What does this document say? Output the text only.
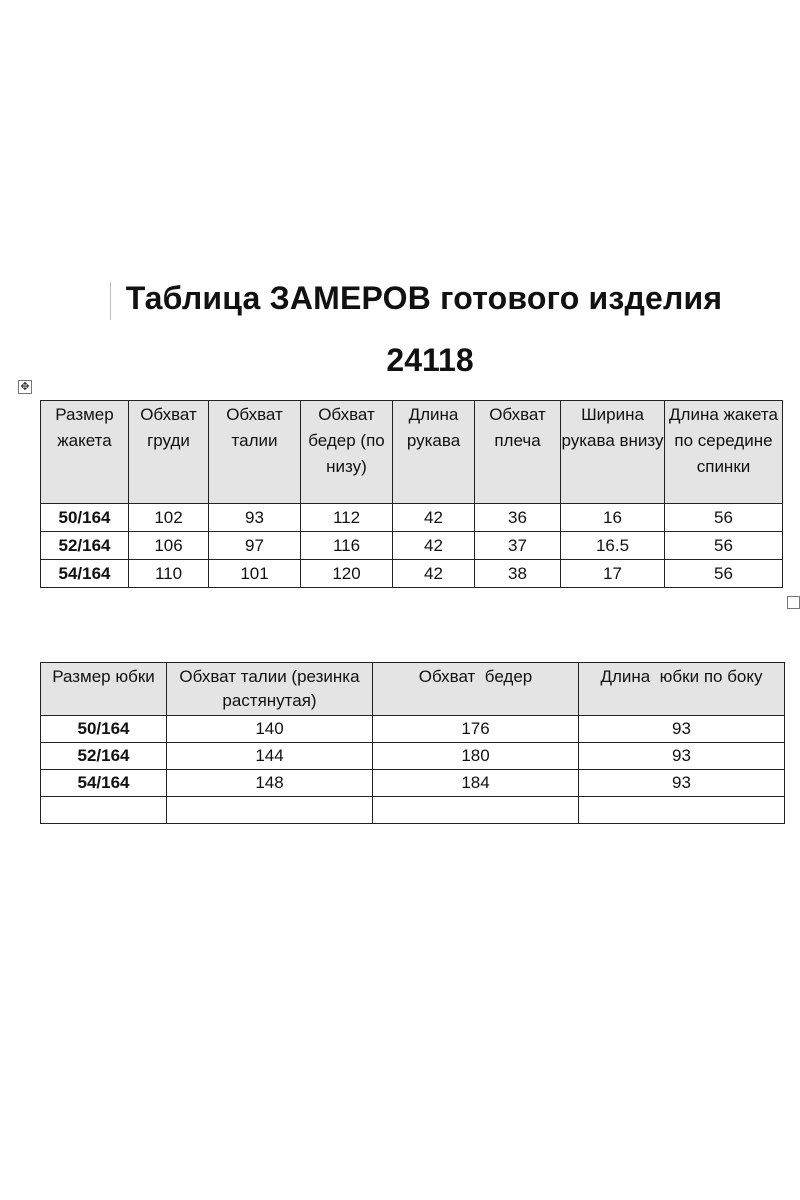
Таблица ЗАМЕРОВ готового изделия
24118
✥
Размер жакета	Обхват груди	Обхват талии	Обхват бедер (по низу)	Длина рукава	Обхват плеча	Ширина рукава внизу	Длина жакета по середине спинки
50/164	102	93	112	42	36	16	56
52/164	106	97	116	42	37	16.5	56
54/164	110	101	120	42	38	17	56
Размер юбки	Обхват талии (резинка растянутая)	Обхват  бедер	Длина  юбки по боку
50/164	140	176	93
52/164	144	180	93
54/164	148	184	93
